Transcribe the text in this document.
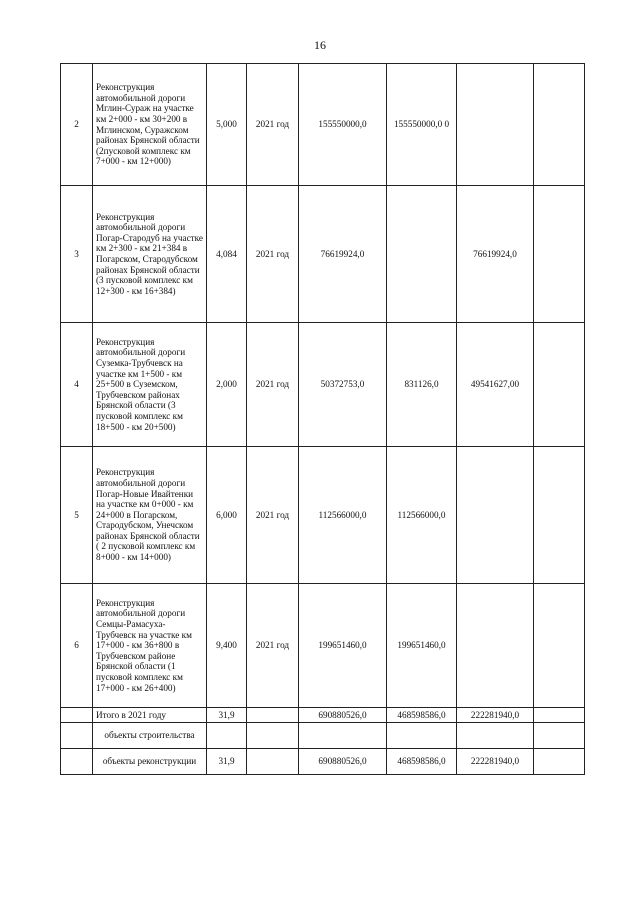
16
2	Реконструкция автомобильной дороги Мглин-Сураж на участке км 2+000 - км 30+200 в Мглинском, Суражском районах Брянской области (2пусковой комплекс км 7+000 - км 12+000)	5,000	2021 год	155550000,0	155550000,0 0		
3	Реконструкция автомобильной дороги Погар-Стародуб на участке км 2+300 - км 21+384 в Погарском, Стародубском районах Брянской области (3 пусковой комплекс км 12+300 - км 16+384)	4,084	2021 год	76619924,0		76619924,0	
4	Реконструкция автомобильной дороги Суземка-Трубчевск на участке км 1+500 - км 25+500 в Суземском, Трубчевском районах Брянской области (3 пусковой комплекс км 18+500 - км 20+500)	2,000	2021 год	50372753,0	831126,0	49541627,00	
5	Реконструкция автомобильной дороги Погар-Новые Ивайтенки на участке км 0+000 - км 24+000 в Погарском, Стародубском, Унечском районах Брянской области ( 2 пусковой комплекс км 8+000 - км 14+000)	6,000	2021 год	112566000,0	112566000,0		
6	Реконструкция автомобильной дороги Семцы-Рамасуха-Трубчевск на участке км 17+000 - км 36+800 в Трубчевском районе Брянской области (1 пусковой комплекс км 17+000 - км 26+400)	9,400	2021 год	199651460,0	199651460,0		
	Итого в 2021 году	31,9		690880526,0	468598586,0	222281940,0	
	объекты строительства						
	объекты реконструкции	31,9		690880526,0	468598586,0	222281940,0	
